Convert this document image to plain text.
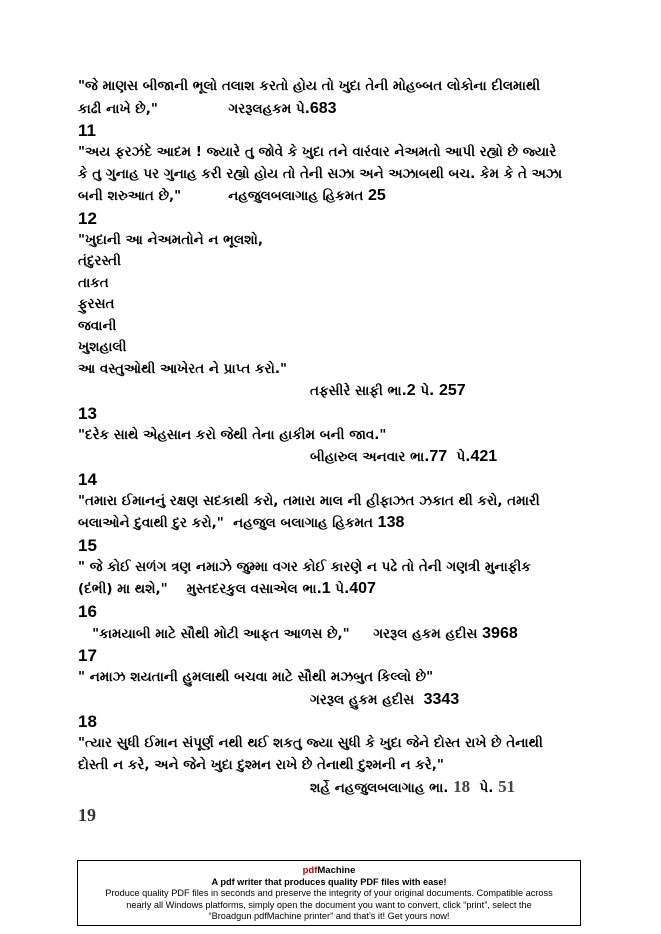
"જે માણસ બીજાની ભૂલો તલાશ કરતો હોય તો ખુદા તેની મોહબ્બત લોકોના દીલમાથી
કાઢી નાખે છે,"	ગરરૂલહકમ પે.683
11
"અય ફરઝંદે આદમ ! જ્યારે તુ જોવે કે ખુદા તને વારંવાર નેઅમતો આપી રહ્યો છે જ્યારે
કે તુ ગુનાહ પર ગુનાહ કરી રહ્યો હોય તો તેની સઝા અને અઝાબથી બચ. કેમ કે તે અઝા
બની શરુઆત છે,"	નહજુલબલાગાહ હિકમત 25
12
"ખુદાની આ નેઅમતોને ન ભૂલશો,
તંદુરસ્તી
તાકત
ફુરસત
જવાની
ખુશહાલી
આ વસ્તુઓથી આખેરત ને પ્રાપ્ત કરો."
તફસીરે સાફી ભા.2 પે. 257
13
"દરેક સાથે એહસાન કરો જેથી તેના હાકીમ બની જાવ."
બીહારુલ અનવાર ભા.77  પે.421
14
"તમારા ઈમાનનું રક્ષણ સદકાથી કરો, તમારા માલ ની હીફાઝત ઝકાત થી કરો, તમારી
બલાઓને દુવાથી દુર કરો," નહજુલ બલાગાહ હિકમત 138
15
" જે કોઈ સળંગ ત્રણ નમાઝે જુમ્મા વગર કોઈ કારણે ન પઢે તો તેની ગણત્રી મુનાફીક
(દંભી) મા થશે," મુસ્તદરકુલ વસાએલ ભા.1 પે.407
16
"કામયાબી માટે સૌથી મોટી આફત આળસ છે," ગરરૂલ હકમ હદીસ 3968
17
" નમાઝ શયતાની હુમલાથી બચવા માટે સૌથી મઝબુત કિલ્લો છે"
ગરરૂલ હુકમ હદીસ  3343
18
"ત્યાર સુધી ઈમાન સંપૂર્ણ નથી થઈ શકતુ જ્યા સુધી કે ખુદા જેને દોસ્ત રાખે છે તેનાથી
દોસ્તી ન કરે, અને જેને ખુદા દુશ્મન રાખે છે તેનાથી દુશ્મની ન કરે,"
શર્હે નહજુલબલાગાહ ભા. 18  પે. 51
19
pdfMachine
A pdf writer that produces quality PDF files with ease!
Produce quality PDF files in seconds and preserve the integrity of your original documents. Compatible across
nearly all Windows platforms, simply open the document you want to convert, click “print”, select the
“Broadgun pdfMachine printer” and that’s it! Get yours now!
